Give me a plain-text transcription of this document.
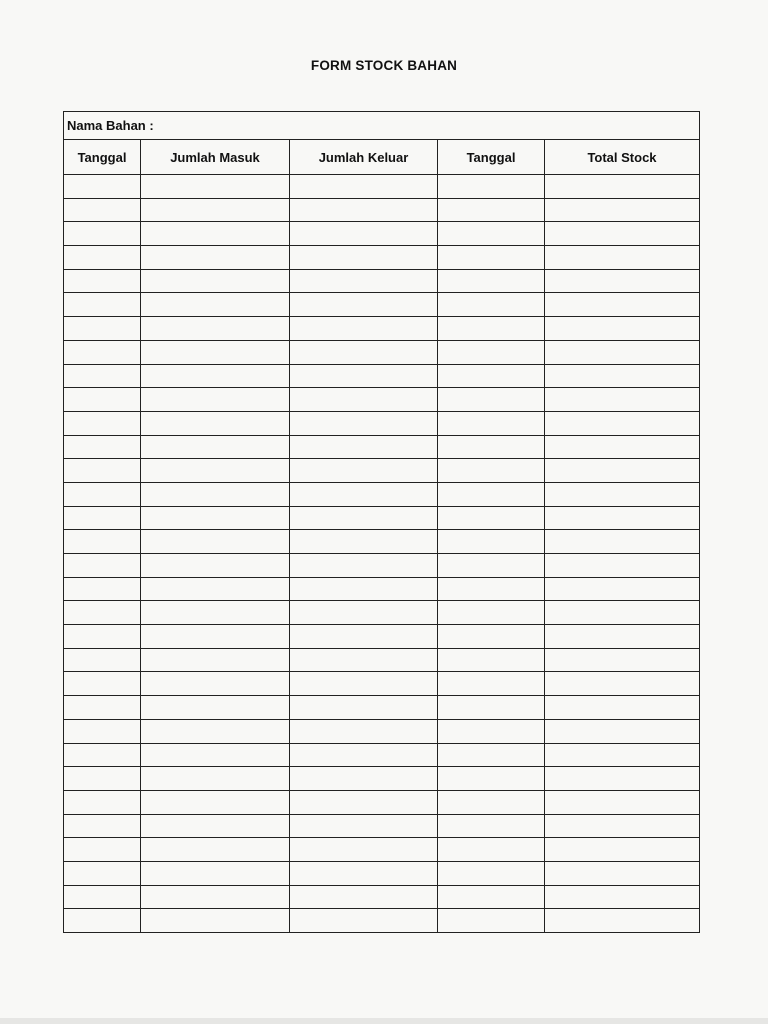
FORM STOCK BAHAN
Nama Bahan :				
Tanggal	Jumlah Masuk	Jumlah Keluar	Tanggal	Total Stock
